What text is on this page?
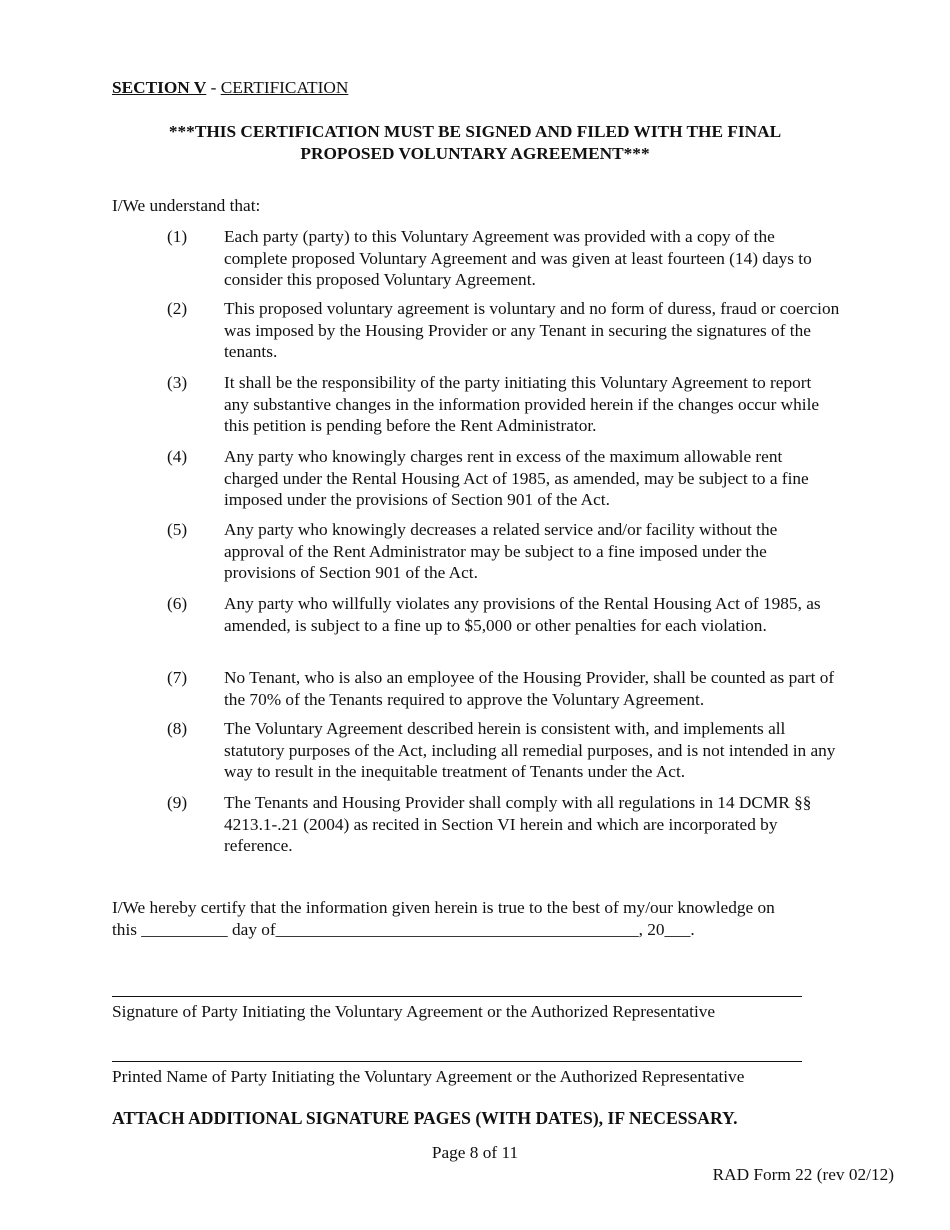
SECTION V - CERTIFICATION
***THIS CERTIFICATION MUST BE SIGNED AND FILED WITH THE FINAL
PROPOSED VOLUNTARY AGREEMENT***
I/We understand that:
(1)	Each party (party) to this Voluntary Agreement was provided with a copy of the complete proposed Voluntary Agreement and was given at least fourteen (14) days to consider this proposed Voluntary Agreement.
(2)	This proposed voluntary agreement is voluntary and no form of duress, fraud or coercion was imposed by the Housing Provider or any Tenant in securing the signatures of the tenants.
(3)	It shall be the responsibility of the party initiating this Voluntary Agreement to report any substantive changes in the information provided herein if the changes occur while this petition is pending before the Rent Administrator.
(4)	Any party who knowingly charges rent in excess of the maximum allowable rent charged under the Rental Housing Act of 1985, as amended, may be subject to a fine imposed under the provisions of Section 901 of the Act.
(5)	Any party who knowingly decreases a related service and/or facility without the approval of the Rent Administrator may be subject to a fine imposed under the provisions of Section 901 of the Act.
(6)	Any party who willfully violates any provisions of the Rental Housing Act of 1985, as amended, is subject to a fine up to $5,000 or other penalties for each violation.
(7)	No Tenant, who is also an employee of the Housing Provider, shall be counted as part of the 70% of the Tenants required to approve the Voluntary Agreement.
(8)	The Voluntary Agreement described herein is consistent with, and implements all statutory purposes of the Act, including all remedial purposes, and is not intended in any way to result in the inequitable treatment of Tenants under the Act.
(9)	The Tenants and Housing Provider shall comply with all regulations in 14 DCMR §§ 4213.1-.21 (2004) as recited in Section VI herein and which are incorporated by reference.
I/We hereby certify that the information given herein is true to the best of my/our knowledge on
this __________ day of__________________________________________, 20___.
Signature of Party Initiating the Voluntary Agreement or the Authorized Representative
Printed Name of Party Initiating the Voluntary Agreement or the Authorized Representative
ATTACH ADDITIONAL SIGNATURE PAGES (WITH DATES), IF NECESSARY.
Page 8 of 11
RAD Form 22 (rev 02/12)
